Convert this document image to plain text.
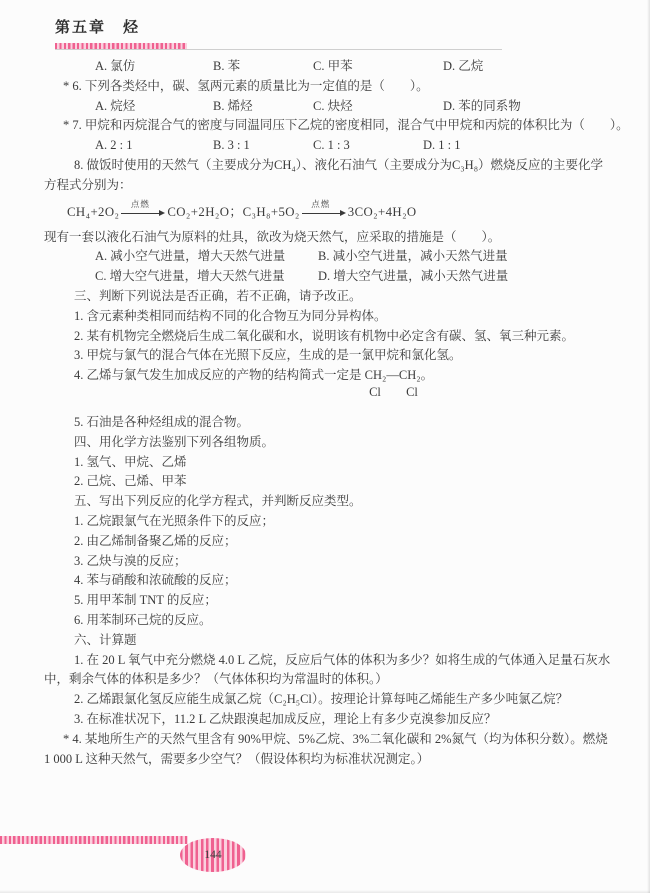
第五章　烃
A. 氯仿	B. 苯	C. 甲苯	D. 乙烷
* 6. 下列各类烃中，碳、氢两元素的质量比为一定值的是（　　）。
A. 烷烃	B. 烯烃	C. 炔烃	D. 苯的同系物
* 7. 甲烷和丙烷混合气的密度与同温同压下乙烷的密度相同，混合气中甲烷和丙烷的体积比为（　　）。
A. 2 : 1	B. 3 : 1	C. 1 : 3	D. 1 : 1
8. 做饭时使用的天然气（主要成分为CH₄）、液化石油气（主要成分为C₃H₈）燃烧反应的主要化学
方程式分别为：
CH₄+2O₂
点燃
CO₂+2H₂O；C₃H₈+5O₂
点燃
3CO₂+4H₂O
现有一套以液化石油气为原料的灶具，欲改为烧天然气，应采取的措施是（　　）。
A. 减小空气进量，增大天然气进量	B. 减小空气进量，减小天然气进量
C. 增大空气进量，增大天然气进量	D. 增大空气进量，减小天然气进量
三、判断下列说法是否正确，若不正确，请予改正。
1. 含元素种类相同而结构不同的化合物互为同分异构体。
2. 某有机物完全燃烧后生成二氧化碳和水，说明该有机物中必定含有碳、氢、氧三种元素。
3. 甲烷与氯气的混合气体在光照下反应，生成的是一氯甲烷和氯化氢。
4. 乙烯与氯气发生加成反应的产物的结构简式一定是 CH₂—CH₂。
Cl	Cl
5. 石油是各种烃组成的混合物。
四、用化学方法鉴别下列各组物质。
1. 氢气、甲烷、乙烯
2. 己烷、己烯、甲苯
五、写出下列反应的化学方程式，并判断反应类型。
1. 乙烷跟氯气在光照条件下的反应；
2. 由乙烯制备聚乙烯的反应；
3. 乙炔与溴的反应；
4. 苯与硝酸和浓硫酸的反应；
5. 用甲苯制 TNT 的反应；
6. 用苯制环己烷的反应。
六、计算题
1. 在 20 L 氧气中充分燃烧 4.0 L 乙烷，反应后气体的体积为多少？如将生成的气体通入足量石灰水
中，剩余气体的体积是多少？（气体体积均为常温时的体积。）
2. 乙烯跟氯化氢反应能生成氯乙烷（C₂H₅Cl）。按理论计算每吨乙烯能生产多少吨氯乙烷？
3. 在标准状况下，11.2 L 乙炔跟溴起加成反应，理论上有多少克溴参加反应？
* 4. 某地所生产的天然气里含有 90%甲烷、5%乙烷、3%二氧化碳和 2%氮气（均为体积分数）。燃烧
1 000 L 这种天然气，需要多少空气？（假设体积均为标准状况测定。）
144
